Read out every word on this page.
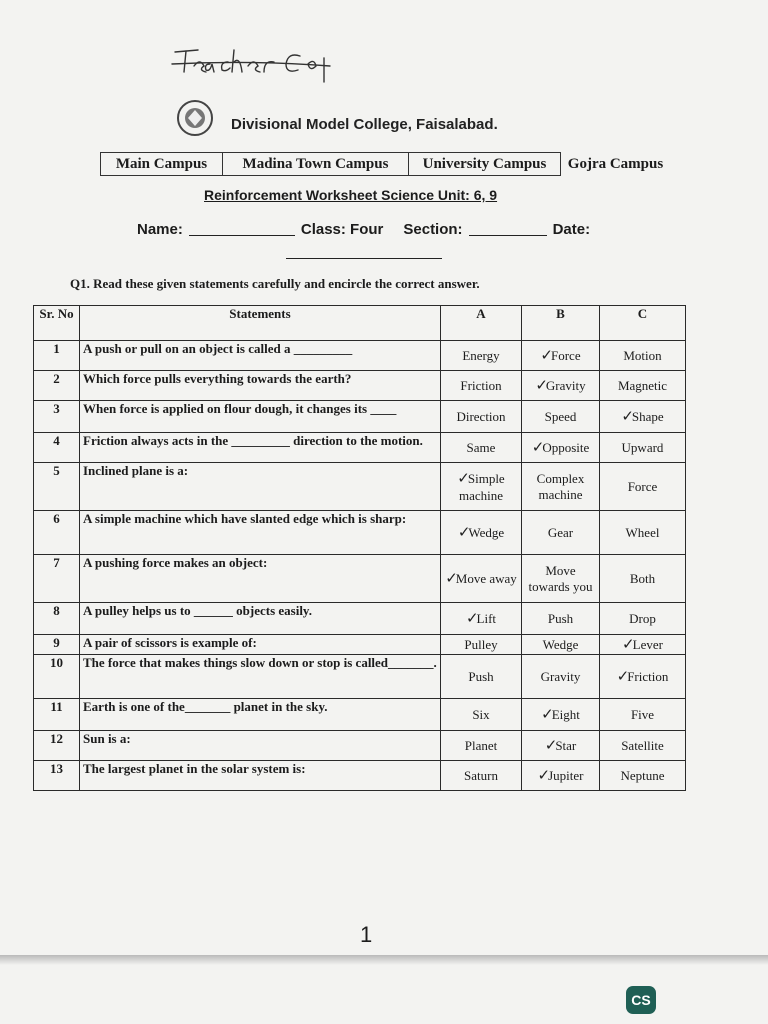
Divisional Model College, Faisalabad.
Main Campus	Madina Town Campus	University Campus	Gojra Campus
Reinforcement Worksheet Science Unit: 6, 9
Name:	Class: Four Section:	Date:
Q1. Read these given statements carefully and encircle the correct answer.
Sr. No	Statements	A	B	C
1	A push or pull on an object is called a _________	Energy	✓Force	Motion
2	Which force pulls everything towards the earth?	Friction	✓Gravity	Magnetic
3	When force is applied on flour dough, it changes its ____	Direction	Speed	✓Shape
4	Friction always acts in the _________ direction to the motion.	Same	✓Opposite	Upward
5	Inclined plane is a:	✓Simple machine	Complex machine	Force
6	A simple machine which have slanted edge which is sharp:	✓Wedge	Gear	Wheel
7	A pushing force makes an object:	✓Move away	Move towards you	Both
8	A pulley helps us to ______ objects easily.	✓Lift	Push	Drop
9	A pair of scissors is example of:	Pulley	Wedge	✓Lever
10	The force that makes things slow down or stop is called_______.	Push	Gravity	✓Friction
11	Earth is one of the_______ planet in the sky.	Six	✓Eight	Five
12	Sun is a:	Planet	✓Star	Satellite
13	The largest planet in the solar system is:	Saturn	✓Jupiter	Neptune
1
CS
